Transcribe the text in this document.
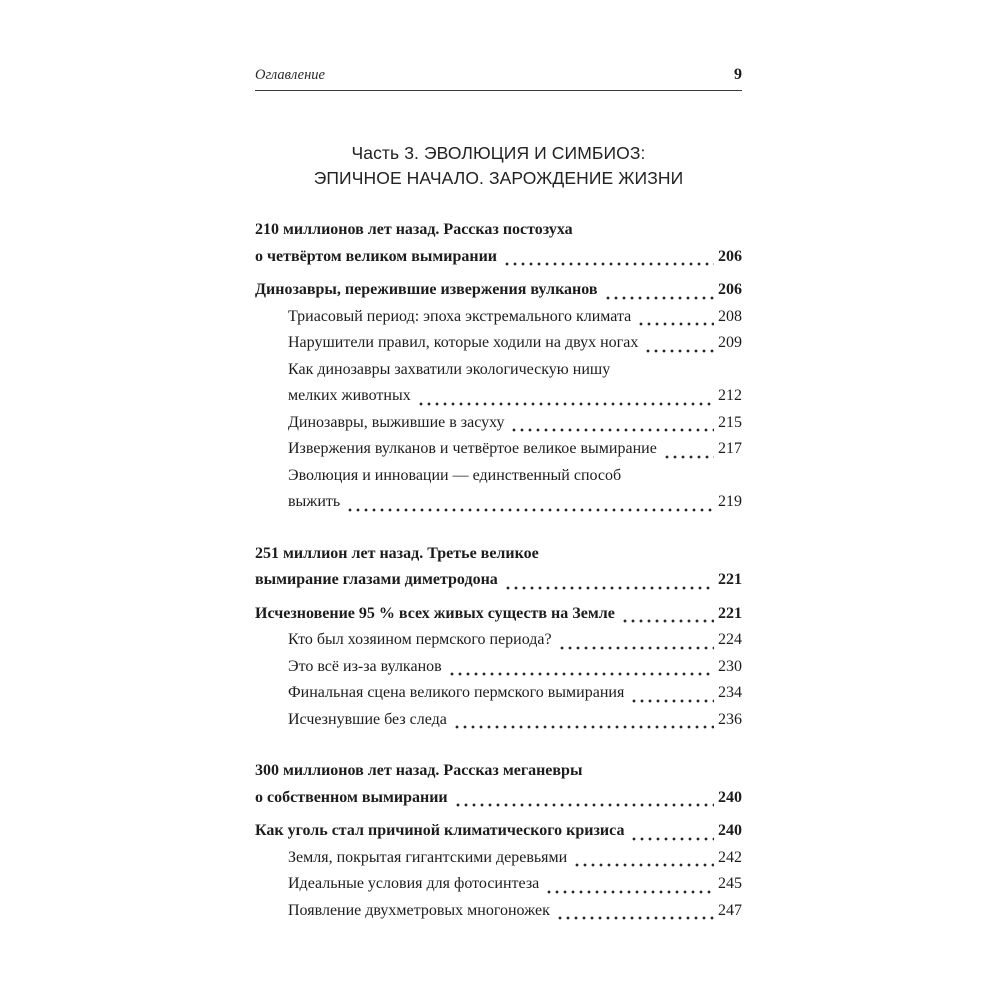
Оглавление	9
Часть 3. ЭВОЛЮЦИЯ И СИМБИОЗ:
ЭПИЧНОЕ НАЧАЛО. ЗАРОЖДЕНИЕ ЖИЗНИ
210 миллионов лет назад. Рассказ постозуха
о четвёртом великом вымирании	206
Динозавры, пережившие извержения вулканов	206
Триасовый период: эпоха экстремального климата	208
Нарушители правил, которые ходили на двух ногах	209
Как динозавры захватили экологическую нишу
мелких животных	212
Динозавры, выжившие в засуху	215
Извержения вулканов и четвёртое великое вымирание	217
Эволюция и инновации — единственный способ
выжить	219
251 миллион лет назад. Третье великое
вымирание глазами диметродона	221
Исчезновение 95 % всех живых существ на Земле	221
Кто был хозяином пермского периода?	224
Это всё из-за вулканов	230
Финальная сцена великого пермского вымирания	234
Исчезнувшие без следа	236
300 миллионов лет назад. Рассказ меганевры
о собственном вымирании	240
Как уголь стал причиной климатического кризиса	240
Земля, покрытая гигантскими деревьями	242
Идеальные условия для фотосинтеза	245
Появление двухметровых многоножек	247
